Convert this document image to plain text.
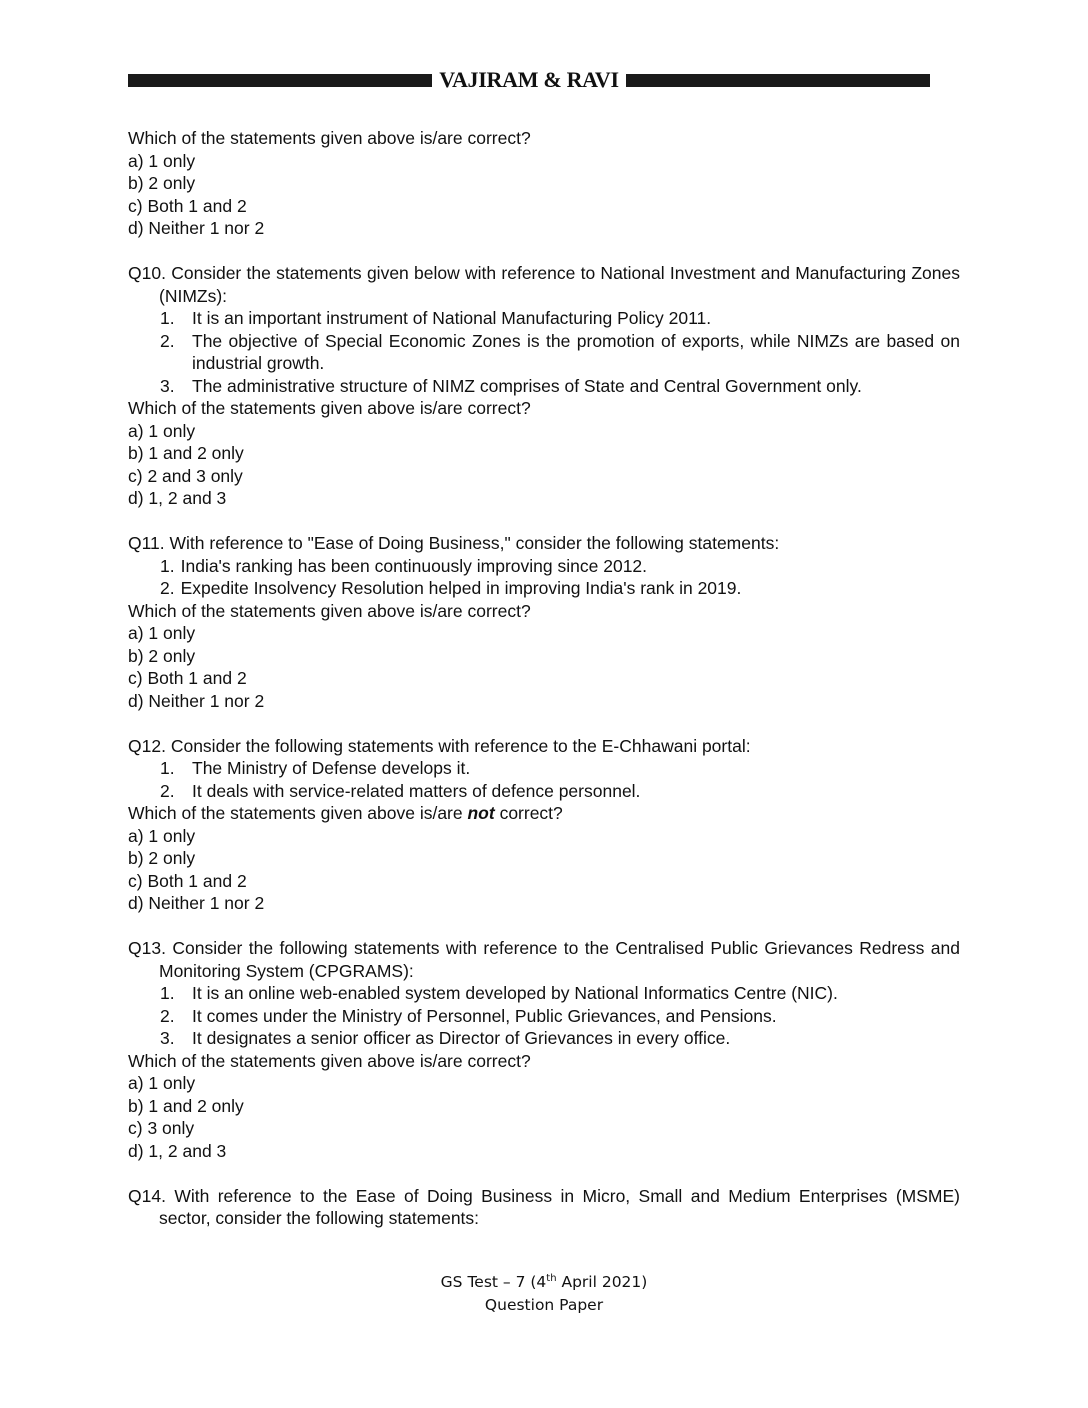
VAJIRAM & RAVI
Which of the statements given above is/are correct?
a) 1 only
b) 2 only
c) Both 1 and 2
d) Neither 1 nor 2
Q10. Consider the statements given below with reference to National Investment and Manufacturing Zones (NIMZs):
1. It is an important instrument of National Manufacturing Policy 2011.
2. The objective of Special Economic Zones is the promotion of exports, while NIMZs are based on industrial growth.
3. The administrative structure of NIMZ comprises of State and Central Government only.
Which of the statements given above is/are correct?
a) 1 only
b) 1 and 2 only
c) 2 and 3 only
d) 1, 2 and 3
Q11. With reference to "Ease of Doing Business," consider the following statements:
1. India's ranking has been continuously improving since 2012.
2. Expedite Insolvency Resolution helped in improving India's rank in 2019.
Which of the statements given above is/are correct?
a) 1 only
b) 2 only
c) Both 1 and 2
d) Neither 1 nor 2
Q12. Consider the following statements with reference to the E-Chhawani portal:
1. The Ministry of Defense develops it.
2. It deals with service-related matters of defence personnel.
Which of the statements given above is/are not correct?
a) 1 only
b) 2 only
c) Both 1 and 2
d) Neither 1 nor 2
Q13. Consider the following statements with reference to the Centralised Public Grievances Redress and Monitoring System (CPGRAMS):
1. It is an online web-enabled system developed by National Informatics Centre (NIC).
2. It comes under the Ministry of Personnel, Public Grievances, and Pensions.
3. It designates a senior officer as Director of Grievances in every office.
Which of the statements given above is/are correct?
a) 1 only
b) 1 and 2 only
c) 3 only
d) 1, 2 and 3
Q14. With reference to the Ease of Doing Business in Micro, Small and Medium Enterprises (MSME) sector, consider the following statements:
GS Test – 7 (4th April 2021)
Question Paper
